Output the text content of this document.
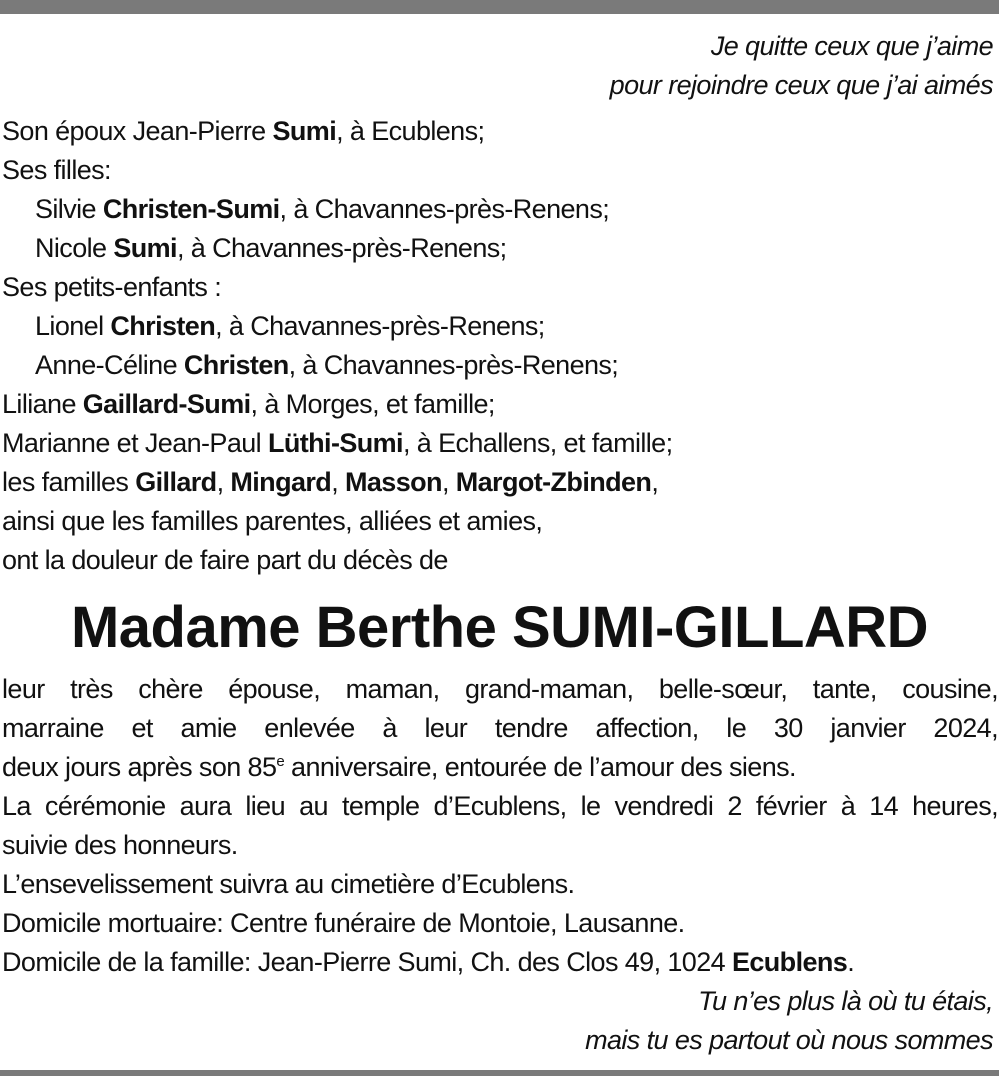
Je quitte ceux que j’aime
pour rejoindre ceux que j’ai aimés
Son époux Jean-Pierre Sumi, à Ecublens;
Ses filles:
Silvie Christen-Sumi, à Chavannes-près-Renens;
Nicole Sumi, à Chavannes-près-Renens;
Ses petits-enfants :
Lionel Christen, à Chavannes-près-Renens;
Anne-Céline Christen, à Chavannes-près-Renens;
Liliane Gaillard-Sumi, à Morges, et famille;
Marianne et Jean-Paul Lüthi-Sumi, à Echallens, et famille;
les familles Gillard, Mingard, Masson, Margot-Zbinden,
ainsi que les familles parentes, alliées et amies,
ont la douleur de faire part du décès de
Madame Berthe SUMI-GILLARD
leur très chère épouse, maman, grand-maman, belle-sœur, tante, cousine,
marraine et amie enlevée à leur tendre affection, le 30 janvier 2024,
deux jours après son 85e anniversaire, entourée de l’amour des siens.
La cérémonie aura lieu au temple d’Ecublens, le vendredi 2 février à 14 heures,
suivie des honneurs.
L’ensevelissement suivra au cimetière d’Ecublens.
Domicile mortuaire: Centre funéraire de Montoie, Lausanne.
Domicile de la famille: Jean-Pierre Sumi, Ch. des Clos 49, 1024 Ecublens.
Tu n’es plus là où tu étais,
mais tu es partout où nous sommes
